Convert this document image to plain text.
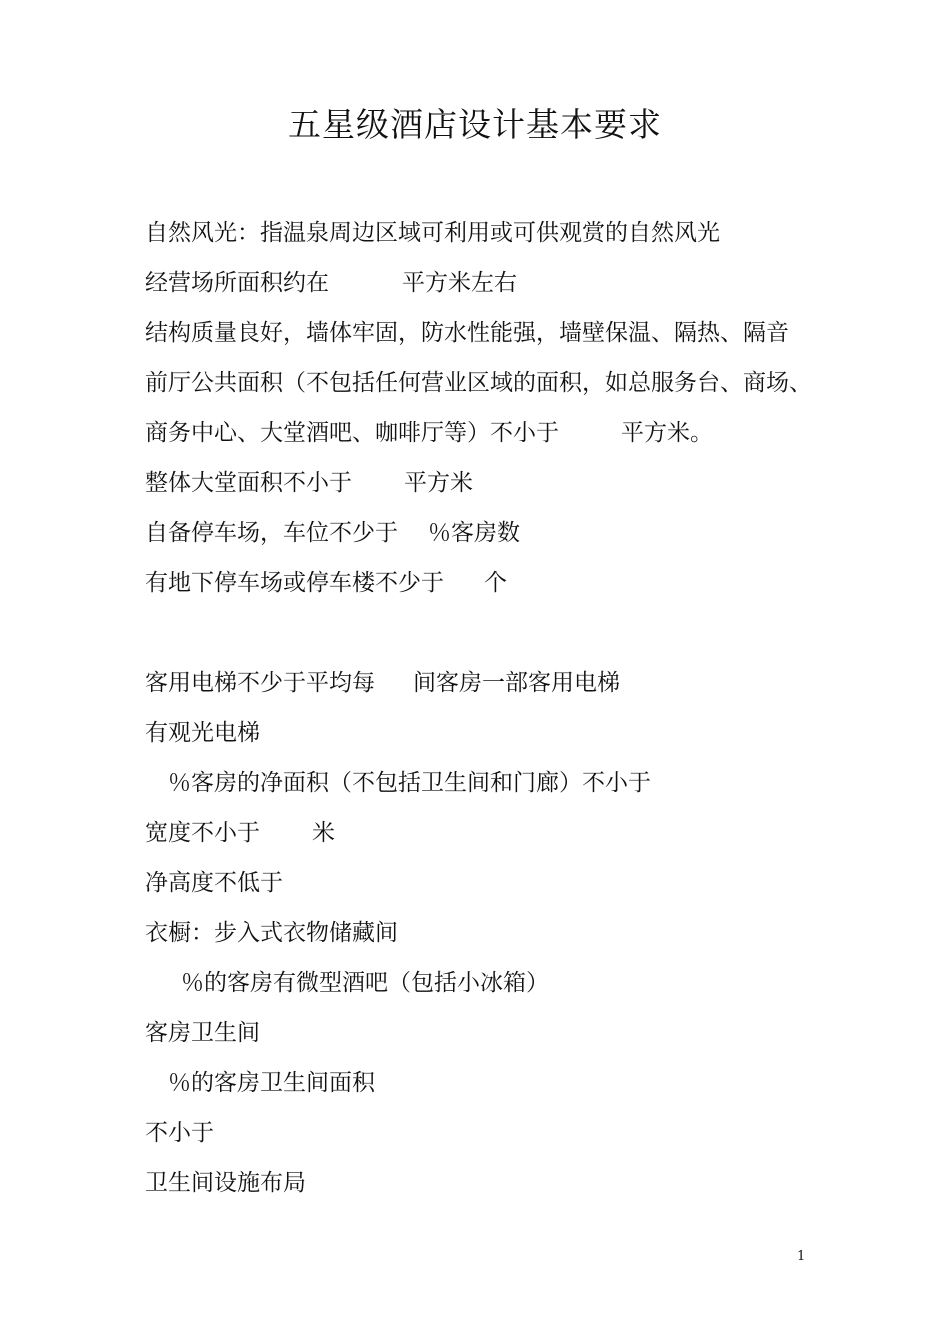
五星级酒店设计基本要求
自然风光：指温泉周边区域可利用或可供观赏的自然风光
经营场所面积约在	平方米左右
结构质量良好，墙体牢固，防水性能强，墙壁保温、隔热、隔音
前厅公共面积（不包括任何营业区域的面积，如总服务台、商场、
商务中心、大堂酒吧、咖啡厅等）不小于	平方米。
整体大堂面积不小于 平方米
自备停车场，车位不少于 ％客房数
有地下停车场或停车楼不少于 个
客用电梯不少于平均每 间客房一部客用电梯
有观光电梯
％客房的净面积（不包括卫生间和门廊）不小于
宽度不小于 米
净高度不低于
衣橱：步入式衣物储藏间
％的客房有微型酒吧（包括小冰箱）
客房卫生间
％的客房卫生间面积
不小于
卫生间设施布局
1
